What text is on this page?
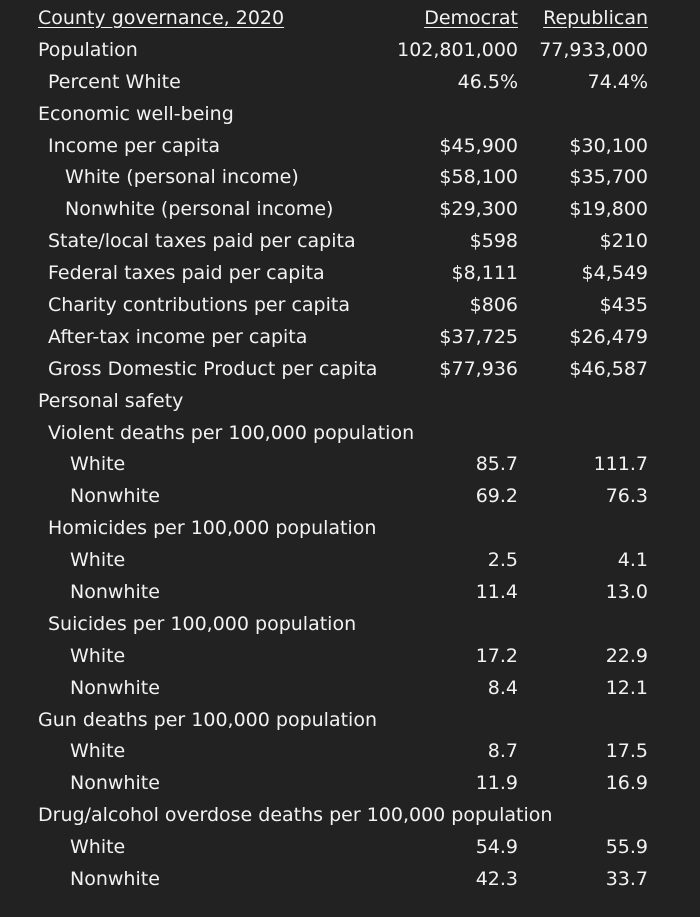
County governance, 2020	Democrat Republican
Population	102,801,000 77,933,000
Percent White	46.5%	74.4%
Economic well-being
Income per capita	$45,900	$30,100
White (personal income)	$58,100	$35,700
Nonwhite (personal income)	$29,300	$19,800
State/local taxes paid per capita	$598	$210
Federal taxes paid per capita	$8,111	$4,549
Charity contributions per capita	$806	$435
After-tax income per capita	$37,725	$26,479
Gross Domestic Product per capita	$77,936	$46,587
Personal safety
Violent deaths per 100,000 population
White	85.7	111.7
Nonwhite	69.2	76.3
Homicides per 100,000 population
White	2.5	4.1
Nonwhite	11.4	13.0
Suicides per 100,000 population
White	17.2	22.9
Nonwhite	8.4	12.1
Gun deaths per 100,000 population
White	8.7	17.5
Nonwhite	11.9	16.9
Drug/alcohol overdose deaths per 100,000 population
White	54.9	55.9
Nonwhite	42.3	33.7
